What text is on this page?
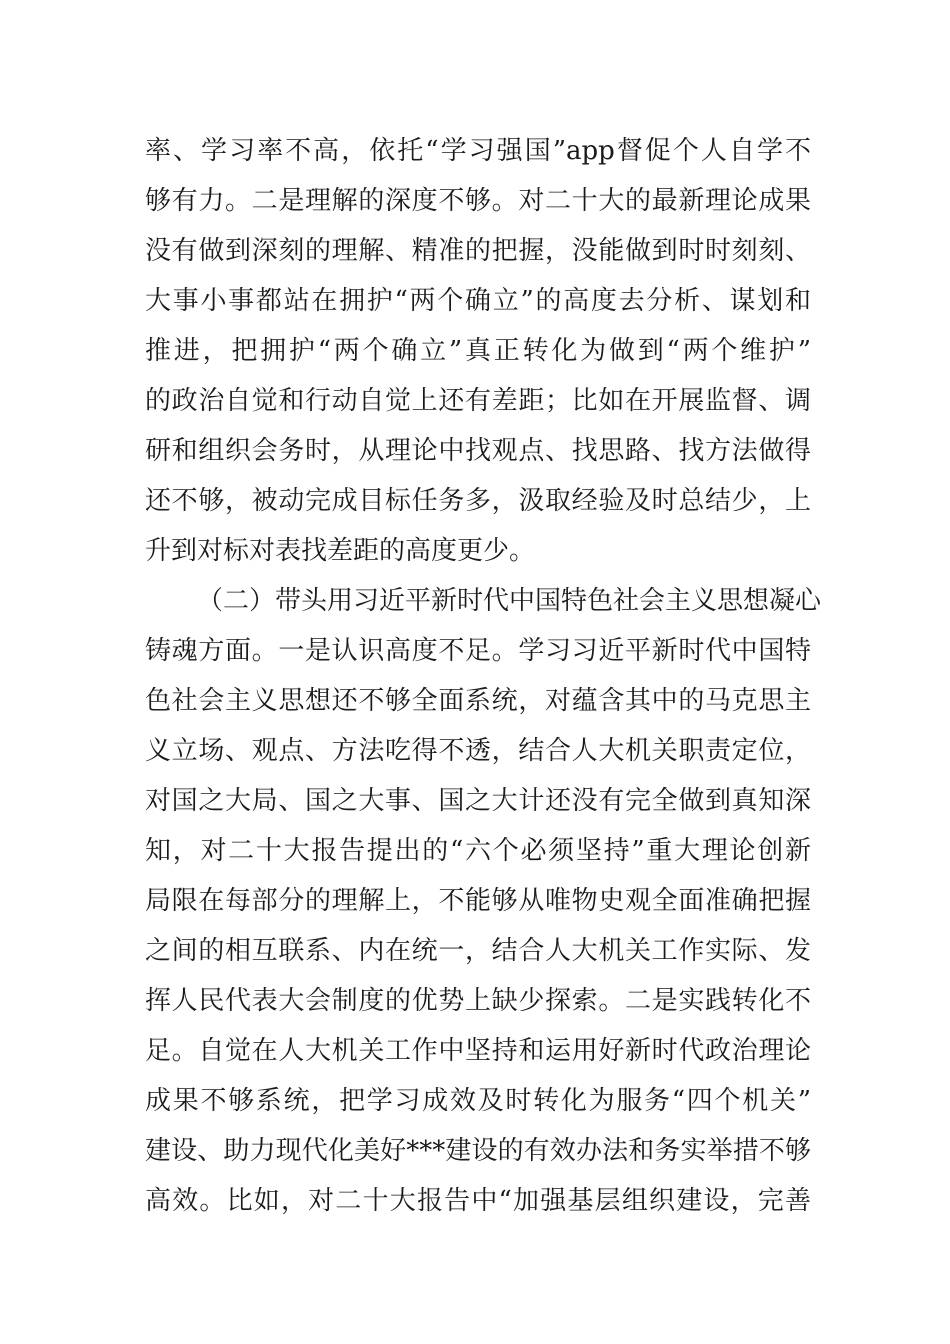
率、学习率不高，依托“学习强国”app督促个人自学不
够有力。二是理解的深度不够。对二十大的最新理论成果
没有做到深刻的理解、精准的把握，没能做到时时刻刻、
大事小事都站在拥护“两个确立”的高度去分析、谋划和
推进，把拥护“两个确立”真正转化为做到“两个维护”
的政治自觉和行动自觉上还有差距；比如在开展监督、调
研和组织会务时，从理论中找观点、找思路、找方法做得
还不够，被动完成目标任务多，汲取经验及时总结少，上
升到对标对表找差距的高度更少。
（二）带头用习近平新时代中国特色社会主义思想凝心
铸魂方面。一是认识高度不足。学习习近平新时代中国特
色社会主义思想还不够全面系统，对蕴含其中的马克思主
义立场、观点、方法吃得不透，结合人大机关职责定位，
对国之大局、国之大事、国之大计还没有完全做到真知深
知，对二十大报告提出的“六个必须坚持”重大理论创新
局限在每部分的理解上，不能够从唯物史观全面准确把握
之间的相互联系、内在统一，结合人大机关工作实际、发
挥人民代表大会制度的优势上缺少探索。二是实践转化不
足。自觉在人大机关工作中坚持和运用好新时代政治理论
成果不够系统，把学习成效及时转化为服务“四个机关”
建设、助力现代化美好***建设的有效办法和务实举措不够
高效。比如，对二十大报告中“加强基层组织建设，完善
